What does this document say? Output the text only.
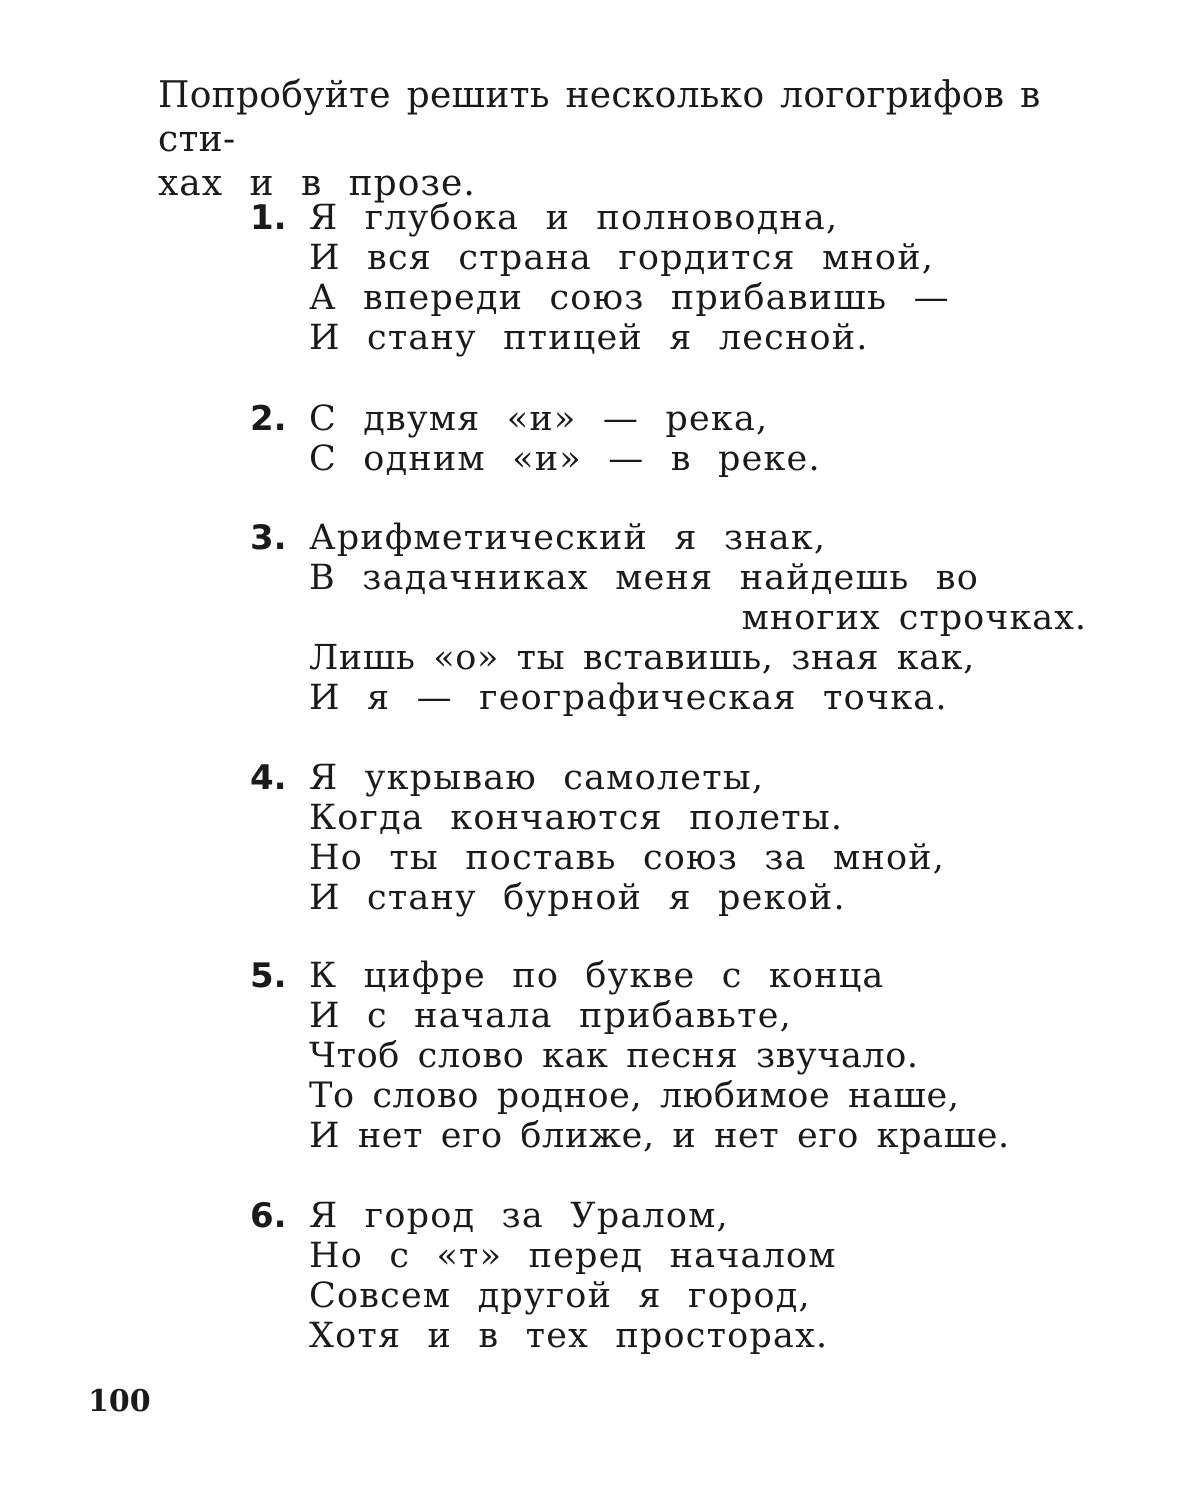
Попробуйте решить несколько логогрифов в сти-
хах и в прозе.
1. Я глубока и полноводна,
И вся страна гордится мной,
А впереди союз прибавишь —
И стану птицей я лесной.
2. С двумя «и» — река,
С одним «и» — в реке.
3. Арифметический я знак,
В задачниках меня найдешь во
многих строчках.
Лишь «о» ты вставишь, зная как,
И я — географическая точка.
4. Я укрываю самолеты,
Когда кончаются полеты.
Но ты поставь союз за мной,
И стану бурной я рекой.
5. К цифре по букве с конца
И с начала прибавьте,
Чтоб слово как песня звучало.
То слово родное, любимое наше,
И нет его ближе, и нет его краше.
6. Я город за Уралом,
Но с «т» перед началом
Совсем другой я город,
Хотя и в тех просторах.
100
